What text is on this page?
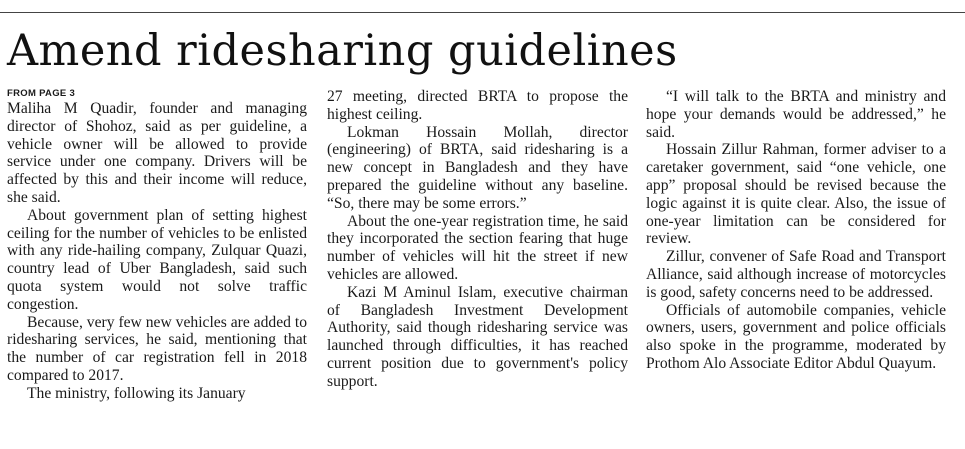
Amend ridesharing guidelines
FROM PAGE 3

Maliha M Quadir, founder and managing director of Shohoz, said as per guideline, a vehicle owner will be allowed to provide service under one company. Drivers will be affected by this and their income will reduce, she said.

About government plan of setting highest ceiling for the number of vehicles to be enlisted with any ride-hailing company, Zulquar Quazi, country lead of Uber Bangladesh, said such quota system would not solve traffic congestion.

Because, very few new vehicles are added to ridesharing services, he said, mentioning that the number of car registration fell in 2018 compared to 2017.

The ministry, following its January

27 meeting, directed BRTA to propose the highest ceiling.

Lokman Hossain Mollah, director (engineering) of BRTA, said ridesharing is a new concept in Bangladesh and they have prepared the guideline without any baseline. “So, there may be some errors.”

About the one-year registration time, he said they incorporated the section fearing that huge number of vehicles will hit the street if new vehicles are allowed.

Kazi M Aminul Islam, executive chairman of Bangladesh Investment Development Authority, said though ridesharing service was launched through difficulties, it has reached current position due to government's policy support.

“I will talk to the BRTA and ministry and hope your demands would be addressed,” he said.

Hossain Zillur Rahman, former adviser to a caretaker government, said “one vehicle, one app” proposal should be revised because the logic against it is quite clear. Also, the issue of one-year limitation can be considered for review.

Zillur, convener of Safe Road and Transport Alliance, said although increase of motorcycles is good, safety concerns need to be addressed.

Officials of automobile companies, vehicle owners, users, government and police officials also spoke in the programme, moderated by Prothom Alo Associate Editor Abdul Quayum.
